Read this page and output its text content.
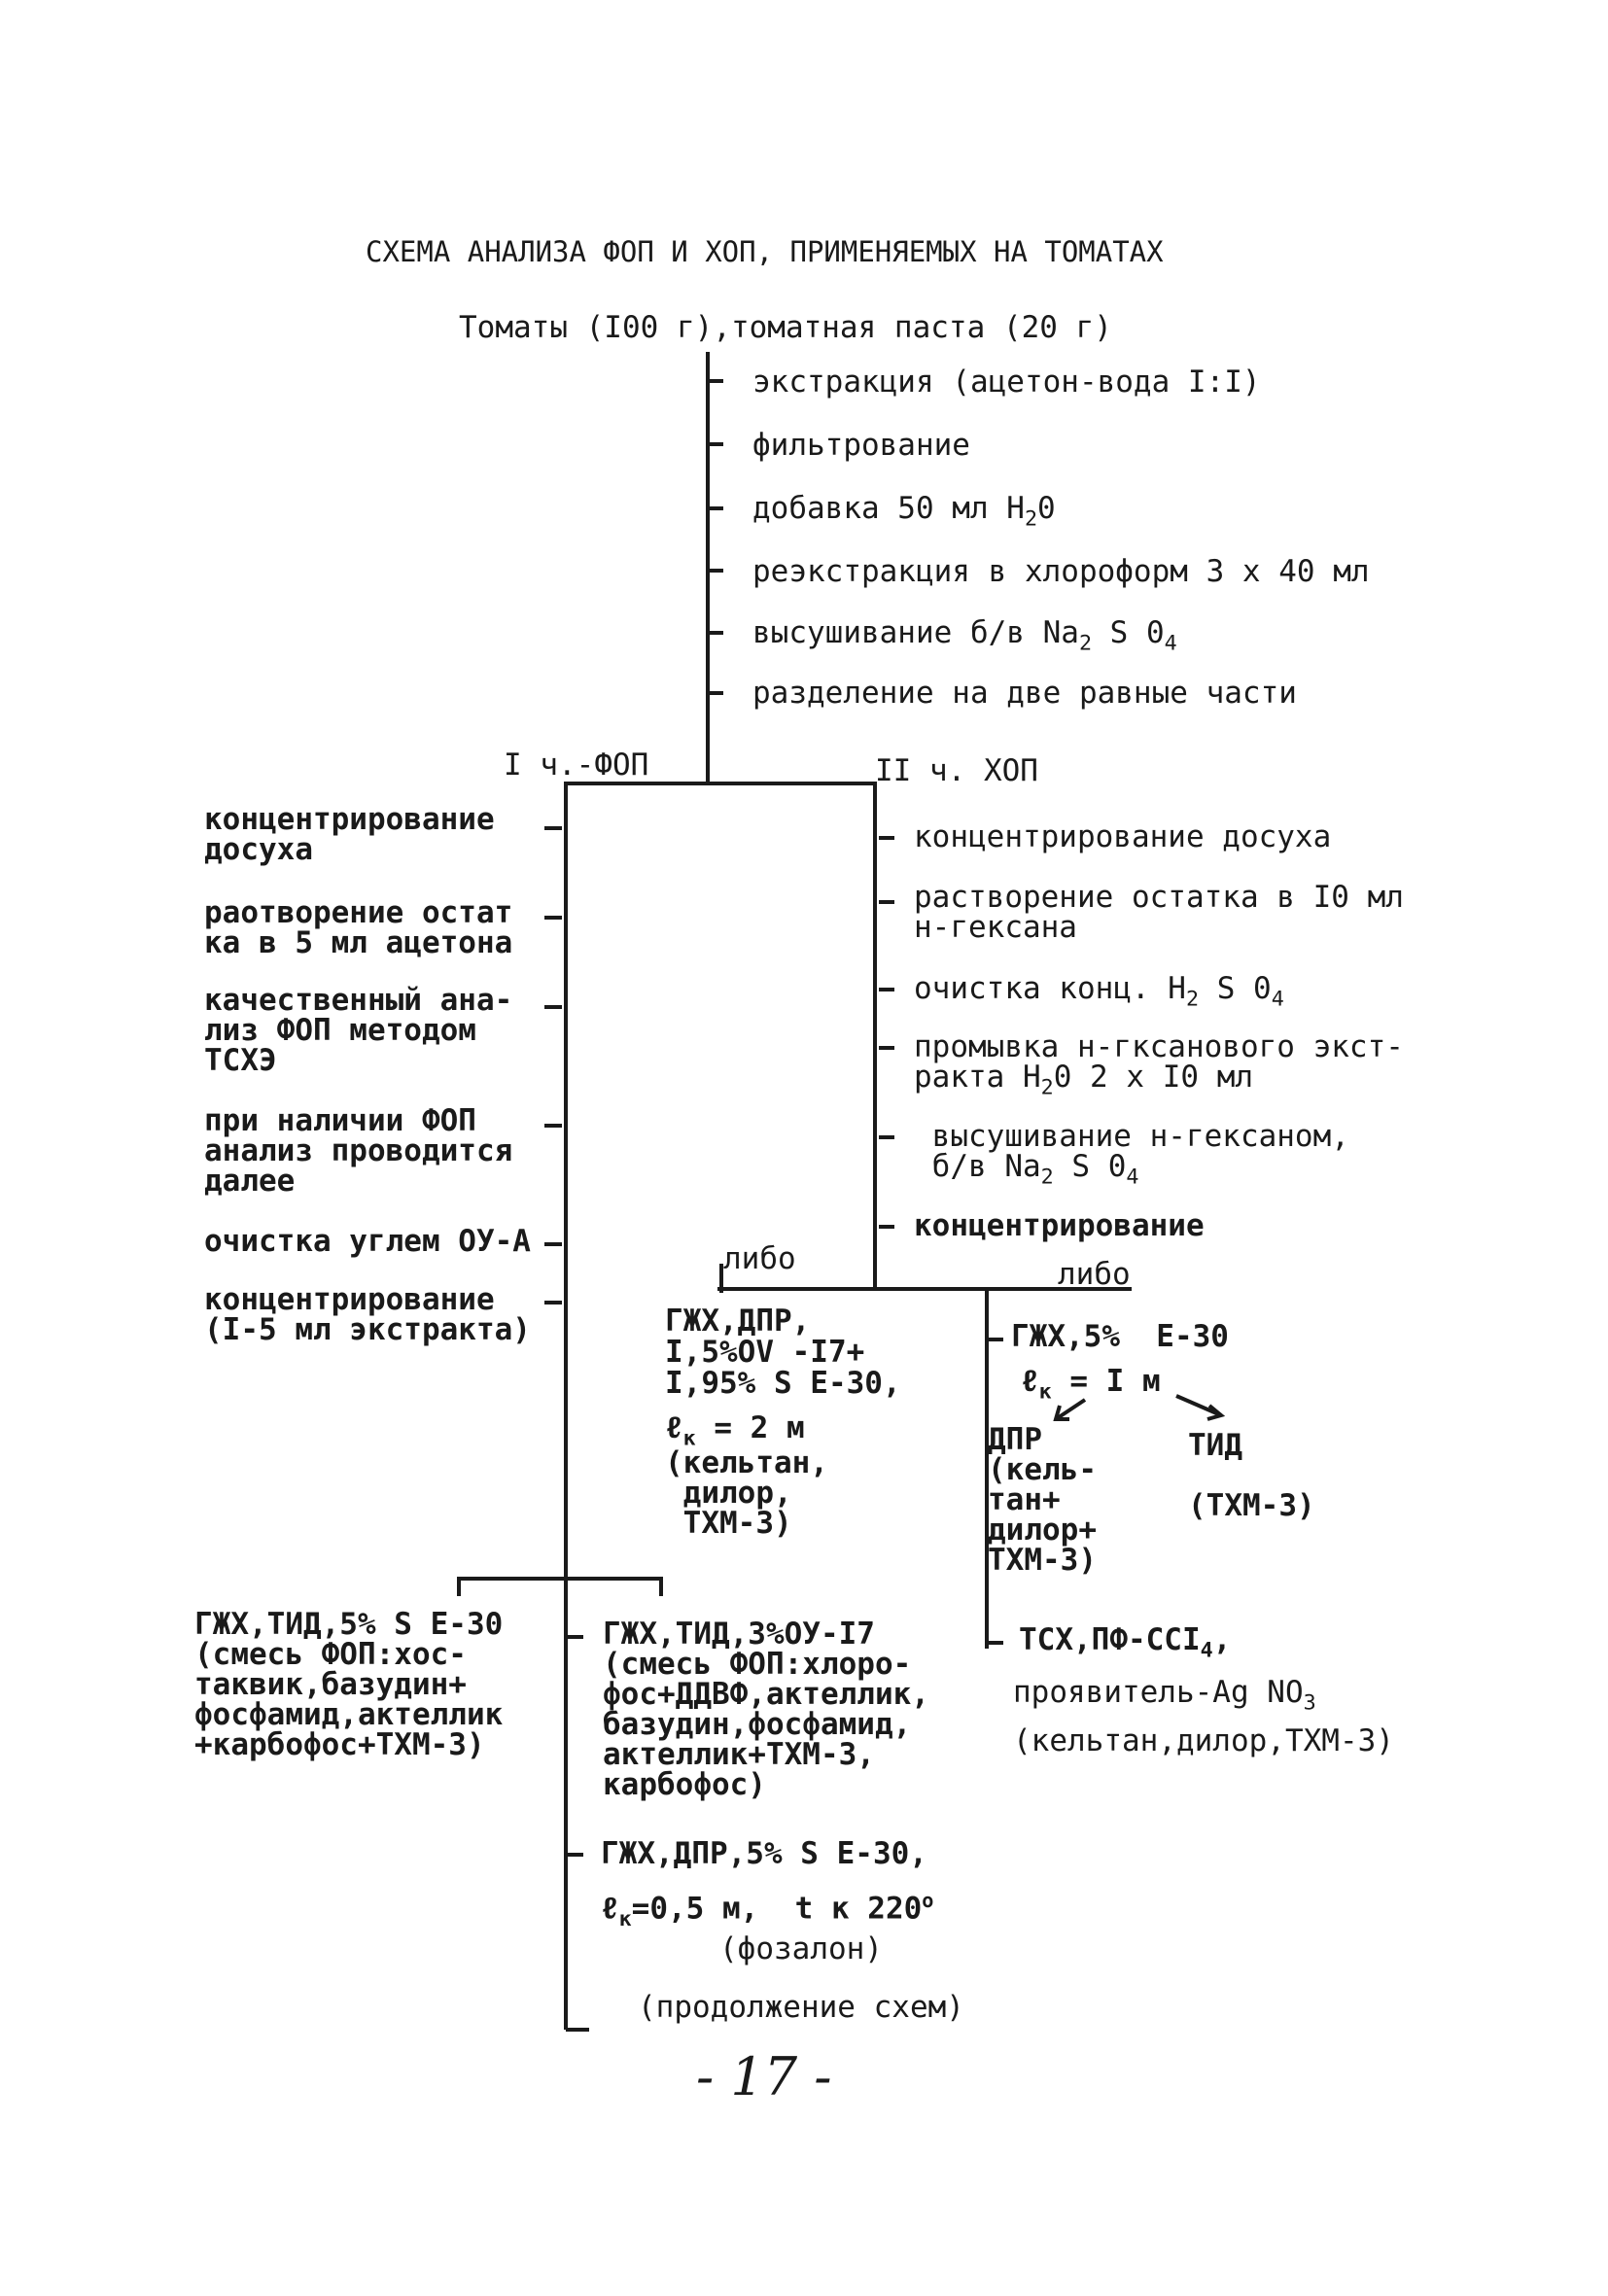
СХЕМА АНАЛИЗА ФОП И ХОП, ПРИМЕНЯЕМЫХ НА ТОМАТАХ
Томаты (I00 г),томатная паста (20 г)
экстракция (ацетон-вода I:I)
фильтрование
добавка 50 мл $H_20$
реэкстракция в хлороформ 3 х 40 мл
высушивание б/в $Na_2$ S $0_4$
разделение на две равные части
I ч.-ФОП	II ч. ХОП
концентрирование
досуха
раотворение остат
ка в 5 мл ацетона
качественный ана-
лиз ФОП методом
ТСХЭ
при наличии ФОП
анализ проводится
далее
очистка углем ОУ-А
концентрирование
(I-5 мл экстракта)
концентрирование досуха
растворение остатка в I0 мл
н-гексана
очистка конц. $H_2$ S $0_4$
промывка н-гксанового экст-
ракта $H_20$ 2 х I0 мл
высушивание н-гексаном,
б/в $Na_2$ S $0_4$
концентрирование
либо	либо
ГЖХ,ДПР,
I,5%ОV -I7+
I,95% S E-30,
ℓ$_к$ = 2 м
(кельтан,
дилор,
ТХМ-3)
ГЖХ,5%  E-30
ℓ$_к$ = I м
ДПР
(кель-
тан+
дилор+
ТХМ-3)
ТИД

(ТХМ-3)
$ТСХ,ПФ-ССI_4$,
проявитель-Ag $NO_3$
(кельтан,дилор,ТХМ-3)
ГЖХ,ТИД,5% S E-30
(смесь ФОП:хос-
таквик,базудин+
фосфамид,актеллик
+карбофос+ТХМ-3)
ГЖХ,ТИД,3%ОУ-I7
(смесь ФОП:хлоро-
фос+ДДВФ,актеллик,
базудин,фосфамид,
актеллик+ТХМ-3,
карбофос)
ГЖХ,ДПР,5% S E-30,
ℓ$_к$=0,5 м,  t к $220^о$
(фозалон)
(продолжение схем)
- 17 -
